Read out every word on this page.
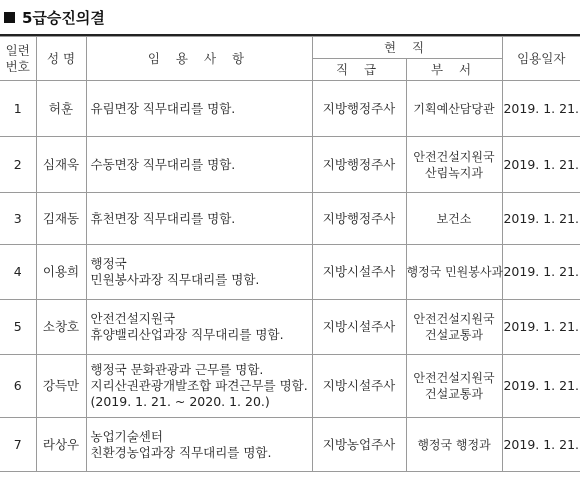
5급승진의결
일련
번호	성 명	임 용 사 항	현 직		임용일자
			직 급	부 서	
1	허훈	유림면장 직무대리를 명함.	지방행정주사	기획예산담당관	2019. 1. 21.
2	심재욱	수동면장 직무대리를 명함.	지방행정주사	안전건설지원국
산림녹지과	2019. 1. 21.
3	김재동	휴천면장 직무대리를 명함.	지방행정주사	보건소	2019. 1. 21.
4	이용희	행정국
민원봉사과장 직무대리를 명함.	지방시설주사	행정국 민원봉사과	2019. 1. 21.
5	소창호	안전건설지원국
휴양밸리산업과장 직무대리를 명함.	지방시설주사	안전건설지원국
건설교통과	2019. 1. 21.
6	강득만	행정국 문화관광과 근무를 명함.
지리산권관광개발조합 파견근무를 명함.
(2019. 1. 21. ~ 2020. 1. 20.)	지방시설주사	안전건설지원국
건설교통과	2019. 1. 21.
7	라상우	농업기술센터
친환경농업과장 직무대리를 명함.	지방농업주사	행정국 행정과	2019. 1. 21.
